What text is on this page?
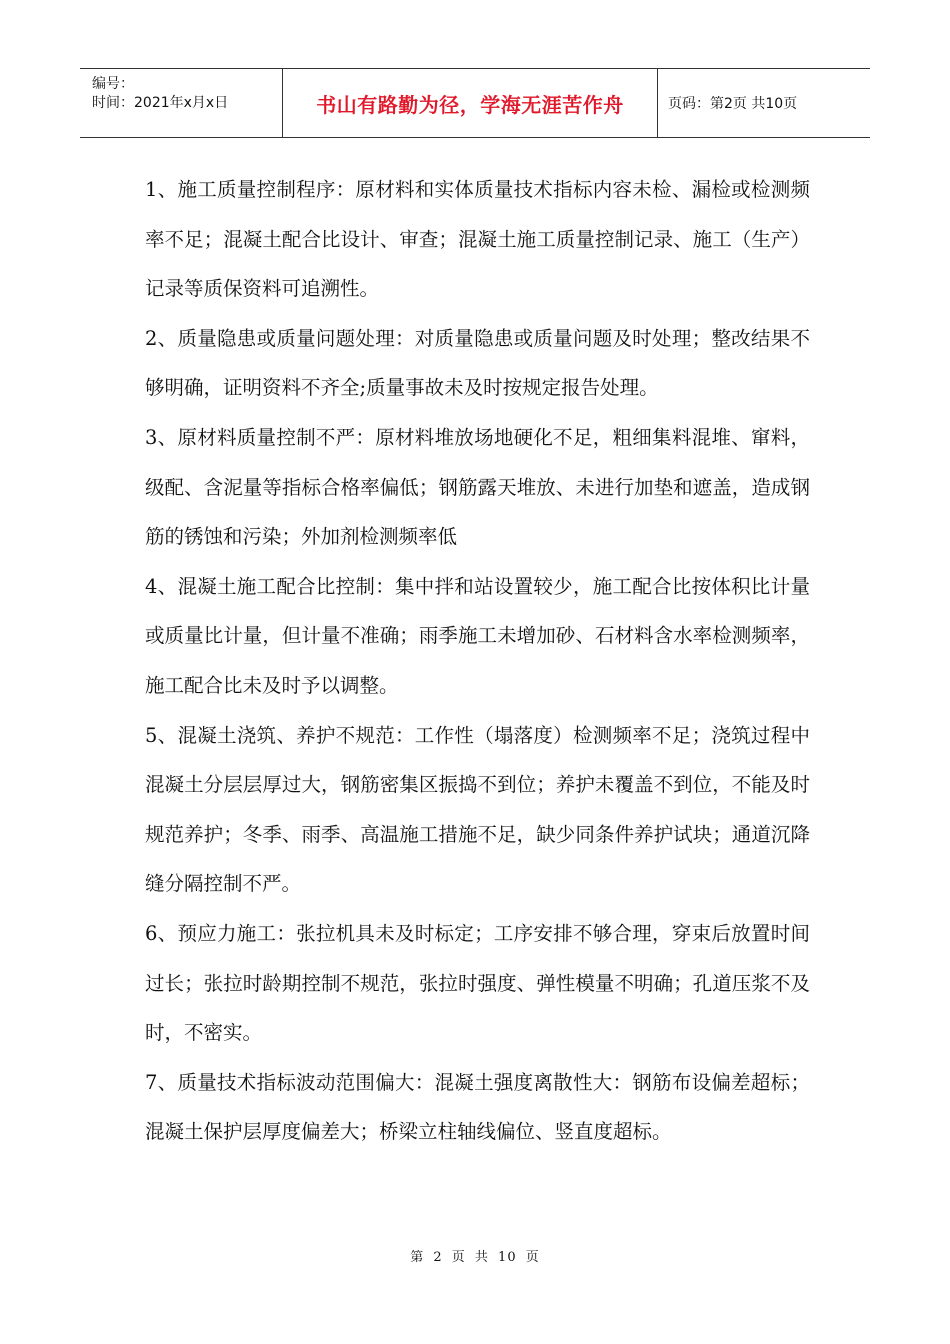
编号：
时间：2021年x月x日	书山有路勤为径，学海无涯苦作舟	页码：第2页 共10页

1、施工质量控制程序：原材料和实体质量技术指标内容未检、漏检或检测频率不足；混凝土配合比设计、审查；混凝土施工质量控制记录、施工（生产）记录等质保资料可追溯性。

2、质量隐患或质量问题处理：对质量隐患或质量问题及时处理；整改结果不够明确，证明资料不齐全;质量事故未及时按规定报告处理。

3、原材料质量控制不严：原材料堆放场地硬化不足，粗细集料混堆、窜料，级配、含泥量等指标合格率偏低；钢筋露天堆放、未进行加垫和遮盖，造成钢筋的锈蚀和污染；外加剂检测频率低

4、混凝土施工配合比控制：集中拌和站设置较少，施工配合比按体积比计量或质量比计量，但计量不准确；雨季施工未增加砂、石材料含水率检测频率，施工配合比未及时予以调整。

5、混凝土浇筑、养护不规范：工作性（塌落度）检测频率不足；浇筑过程中混凝土分层层厚过大，钢筋密集区振捣不到位；养护未覆盖不到位，不能及时规范养护；冬季、雨季、高温施工措施不足，缺少同条件养护试块；通道沉降缝分隔控制不严。

6、预应力施工：张拉机具未及时标定；工序安排不够合理，穿束后放置时间过长；张拉时龄期控制不规范，张拉时强度、弹性模量不明确；孔道压浆不及时，不密实。

7、质量技术指标波动范围偏大：混凝土强度离散性大：钢筋布设偏差超标；混凝土保护层厚度偏差大；桥梁立柱轴线偏位、竖直度超标。

第 2 页 共 10 页
